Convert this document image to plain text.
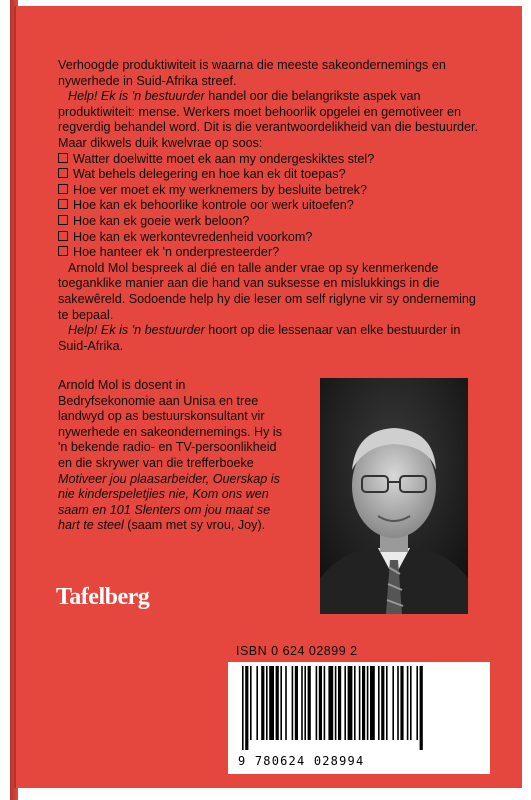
Verhoogde produktiwiteit is waarna die meeste sakeondernemings en nywerhede in Suid-Afrika streef.

Help! Ek is 'n bestuurder handel oor die belangrikste aspek van produktiwiteit: mense. Werkers moet behoorlik opgelei en gemotiveer en regverdig behandel word. Dit is die verantwoordelikheid van die bestuurder. Maar dikwels duik kwelvrae op soos:

Watter doelwitte moet ek aan my ondergeskiktes stel?
Wat behels delegering en hoe kan ek dit toepas?
Hoe ver moet ek my werknemers by besluite betrek?
Hoe kan ek behoorlike kontrole oor werk uitoefen?
Hoe kan ek goeie werk beloon?
Hoe kan ek werkontevredenheid voorkom?
Hoe hanteer ek 'n onderpresteerder?

Arnold Mol bespreek al dié en talle ander vrae op sy kenmerkende toeganklike manier aan die hand van suksesse en mislukkings in die sakewêreld. Sodoende help hy die leser om self riglyne vir sy onderneming te bepaal.

Help! Ek is 'n bestuurder hoort op die lessenaar van elke bestuurder in Suid-Afrika.

Arnold Mol is dosent in

Bedryfsekonomie aan Unisa en tree

landwyd op as bestuurskonsultant vir

nywerhede en sakeondernemings. Hy is

'n bekende radio- en TV-persoonlikheid

en die skrywer van die trefferboeke

Motiveer jou plaasarbeider, Ouerskap is

nie kinderspeletjies nie, Kom ons wen

saam en 101 Slenters om jou maat se

hart te steel (saam met sy vrou, Joy).

Tafelberg
ISBN 0 624 02899 2
9 780624 028994
